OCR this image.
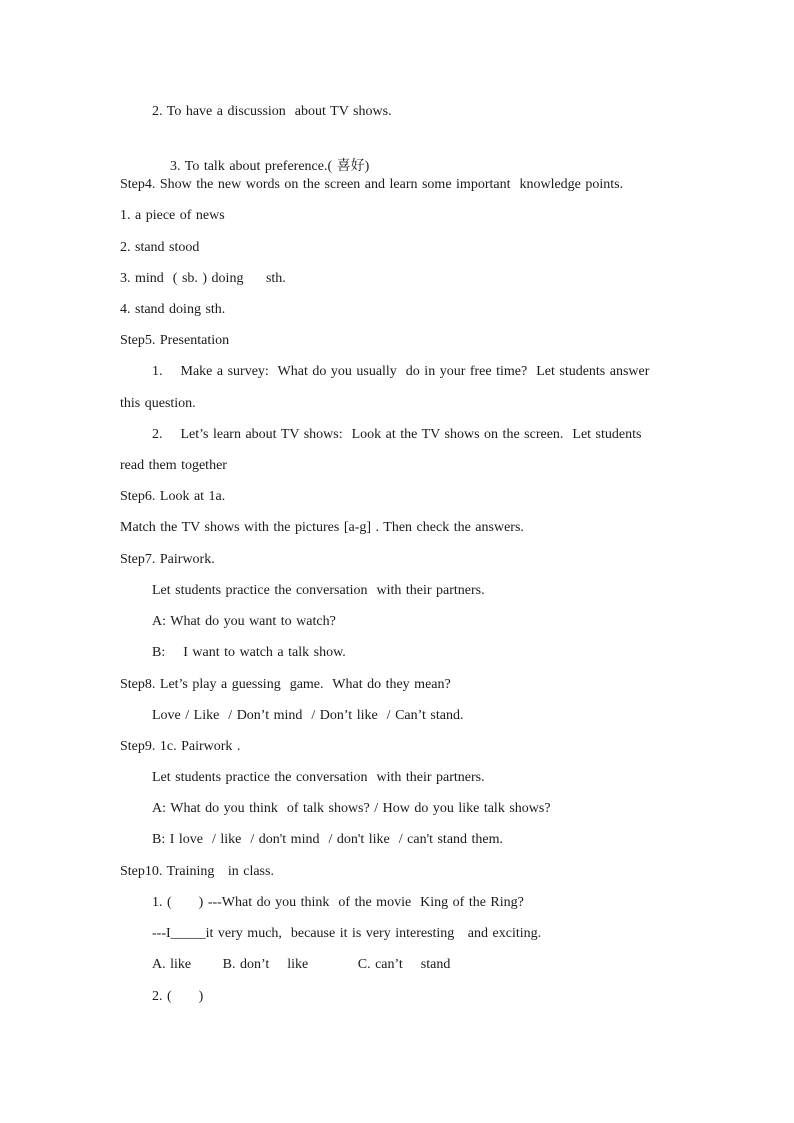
2. To have a discussion  about TV shows.

3. To talk about preference.( 喜好)

Step4. Show the new words on the screen and learn some important  knowledge points.
1. a piece of news
2. stand stood
3. mind  ( sb. ) doing     sth.
4. stand doing sth.
Step5. Presentation
1.    Make a survey:  What do you usually  do in your free time?  Let students answer
this question.
2.    Let’s learn about TV shows:  Look at the TV shows on the screen.  Let students
read them together
Step6. Look at 1a.
Match the TV shows with the pictures [a-g] . Then check the answers.
Step7. Pairwork.
Let students practice the conversation  with their partners.
A: What do you want to watch?
B:    I want to watch a talk show.
Step8. Let’s play a guessing  game.  What do they mean?
Love / Like  / Don’t mind  / Don’t like  / Can’t stand.
Step9. 1c. Pairwork .
Let students practice the conversation  with their partners.
A: What do you think  of talk shows? / How do you like talk shows?
B: I love  / like  / don't mind  / don't like  / can't stand them.
Step10. Training   in class.
1. (      ) ---What do you think  of the movie  King of the Ring?
---I_____it very much,  because it is very interesting   and exciting.
A. like       B. don’t    like           C. can’t    stand
2. (      )
